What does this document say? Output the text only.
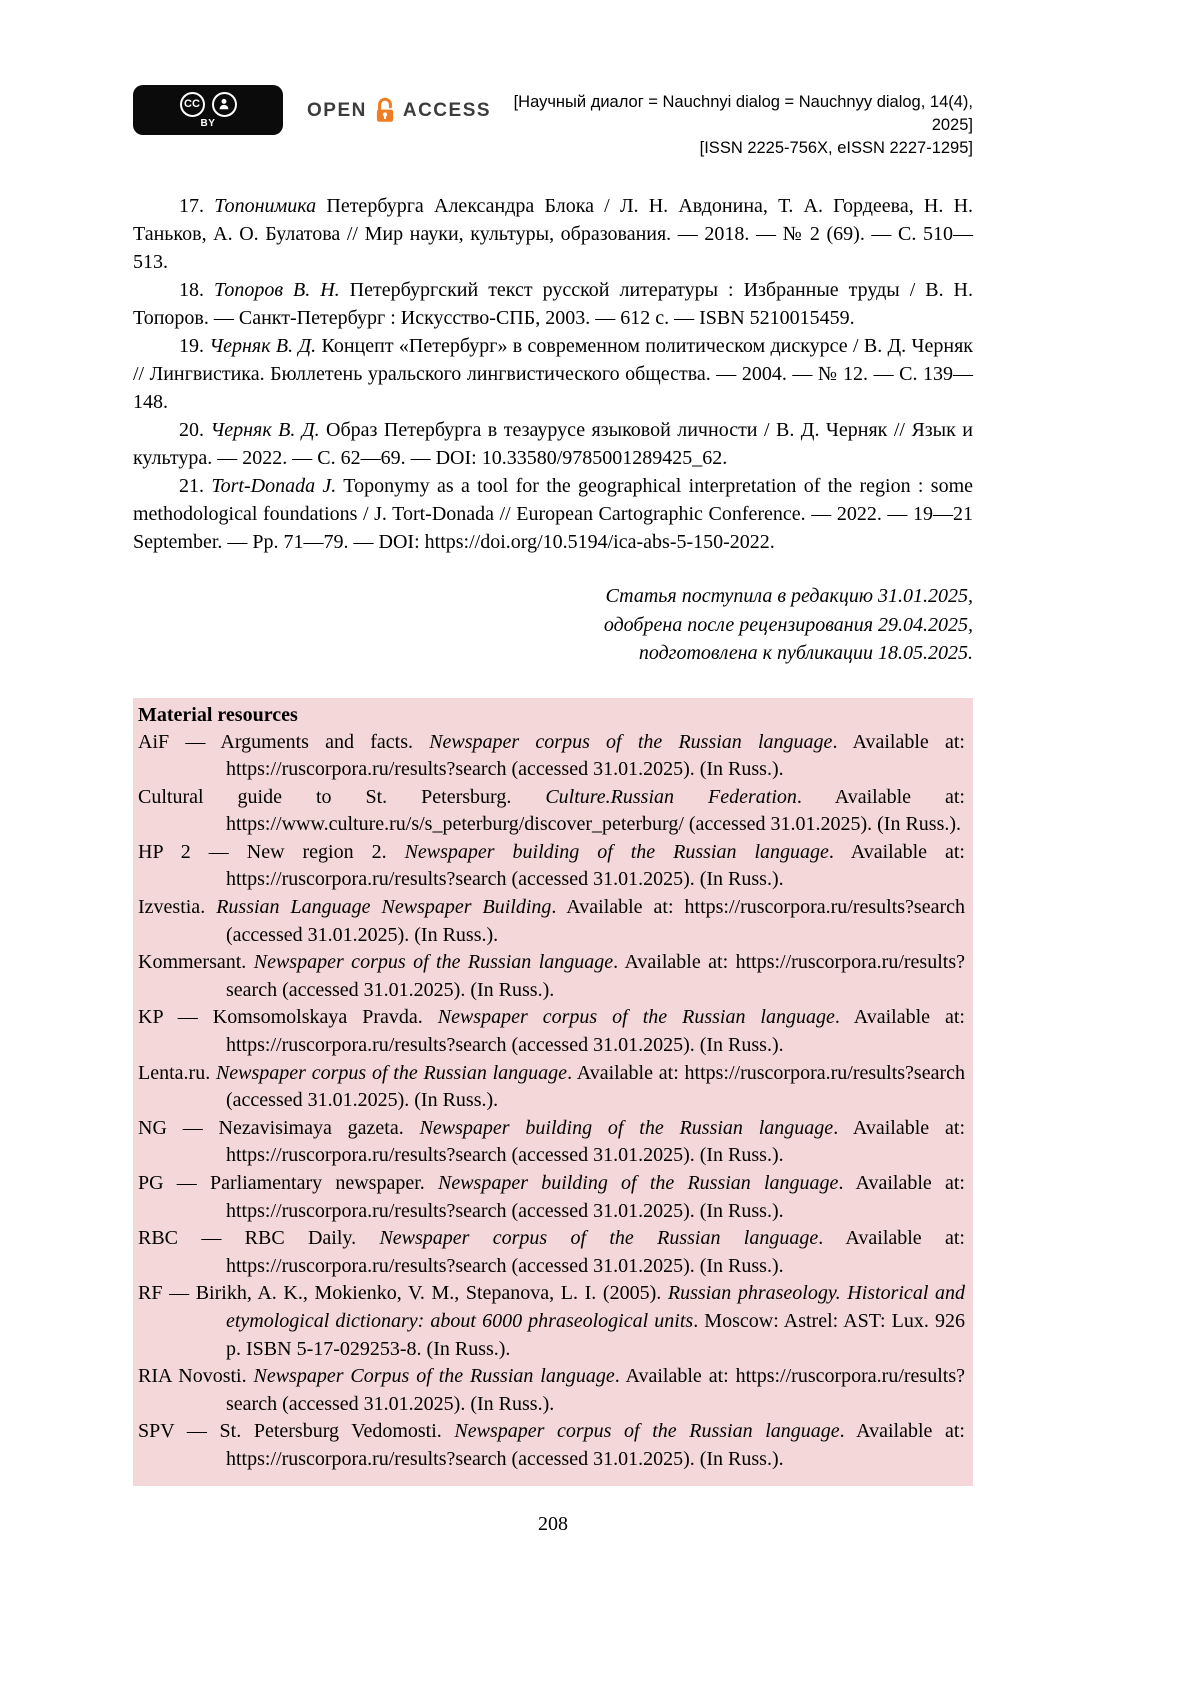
CC
BY
OPEN ACCESS	[Научный диалог = Nauchnyi dialog = Nauchnyy dialog, 14(4), 2025]
[ISSN 2225-756X, eISSN 2227-1295]

17. Топонимика Петербурга Александра Блока / Л. Н. Авдонина, Т. А. Гордеева, Н. Н. Таньков, А. О. Булатова // Мир науки, культуры, образования. — 2018. — № 2 (69). — С. 510—513.

18. Топоров В. Н. Петербургский текст русской литературы : Избранные труды / В. Н. Топоров. — Санкт-Петербург : Искусство-СПБ, 2003. — 612 с. — ISBN 5210015459.

19. Черняк В. Д. Концепт «Петербург» в современном политическом дискурсе / В. Д. Черняк // Лингвистика. Бюллетень уральского лингвистического общества. — 2004. — № 12. — С. 139—148.

20. Черняк В. Д. Образ Петербурга в тезаурусе языковой личности / В. Д. Черняк // Язык и культура. — 2022. — С. 62—69. — DOI: 10.33580/9785001289425_62.

21. Tort-Donada J. Toponymy as a tool for the geographical interpretation of the region : some methodological foundations / J. Tort-Donada // European Cartographic Conference. — 2022. — 19—21 September. — Pp. 71—79. — DOI: https://doi.org/10.5194/ica-abs-5-150-2022.

Статья поступила в редакцию 31.01.2025,
одобрена после рецензирования 29.04.2025,
подготовлена к публикации 18.05.2025.
Material resources

AiF — Arguments and facts. Newspaper corpus of the Russian language. Available at: https://ruscorpora.ru/results?search (accessed 31.01.2025). (In Russ.).

Cultural guide to St. Petersburg. Culture.Russian Federation. Available at: https://www.culture.ru/s/s_peterburg/discover_peterburg/ (accessed 31.01.2025). (In Russ.).

HP 2 — New region 2. Newspaper building of the Russian language. Available at: https://ruscorpora.ru/results?search (accessed 31.01.2025). (In Russ.).

Izvestia. Russian Language Newspaper Building. Available at: https://ruscorpora.ru/results?search (accessed 31.01.2025). (In Russ.).

Kommersant. Newspaper corpus of the Russian language. Available at: https://ruscorpora.ru/results?search (accessed 31.01.2025). (In Russ.).

KP — Komsomolskaya Pravda. Newspaper corpus of the Russian language. Available at: https://ruscorpora.ru/results?search (accessed 31.01.2025). (In Russ.).

Lenta.ru. Newspaper corpus of the Russian language. Available at: https://ruscorpora.ru/results?search (accessed 31.01.2025). (In Russ.).

NG — Nezavisimaya gazeta. Newspaper building of the Russian language. Available at: https://ruscorpora.ru/results?search (accessed 31.01.2025). (In Russ.).

PG — Parliamentary newspaper. Newspaper building of the Russian language. Available at: https://ruscorpora.ru/results?search (accessed 31.01.2025). (In Russ.).

RBC — RBC Daily. Newspaper corpus of the Russian language. Available at: https://ruscorpora.ru/results?search (accessed 31.01.2025). (In Russ.).

RF — Birikh, A. K., Mokienko, V. M., Stepanova, L. I. (2005). Russian phraseology. Historical and etymological dictionary: about 6000 phraseological units. Moscow: Astrel: AST: Lux. 926 p. ISBN 5-17-029253-8. (In Russ.).

RIA Novosti. Newspaper Corpus of the Russian language. Available at: https://ruscorpora.ru/results?search (accessed 31.01.2025). (In Russ.).

SPV — St. Petersburg Vedomosti. Newspaper corpus of the Russian language. Available at: https://ruscorpora.ru/results?search (accessed 31.01.2025). (In Russ.).

208
